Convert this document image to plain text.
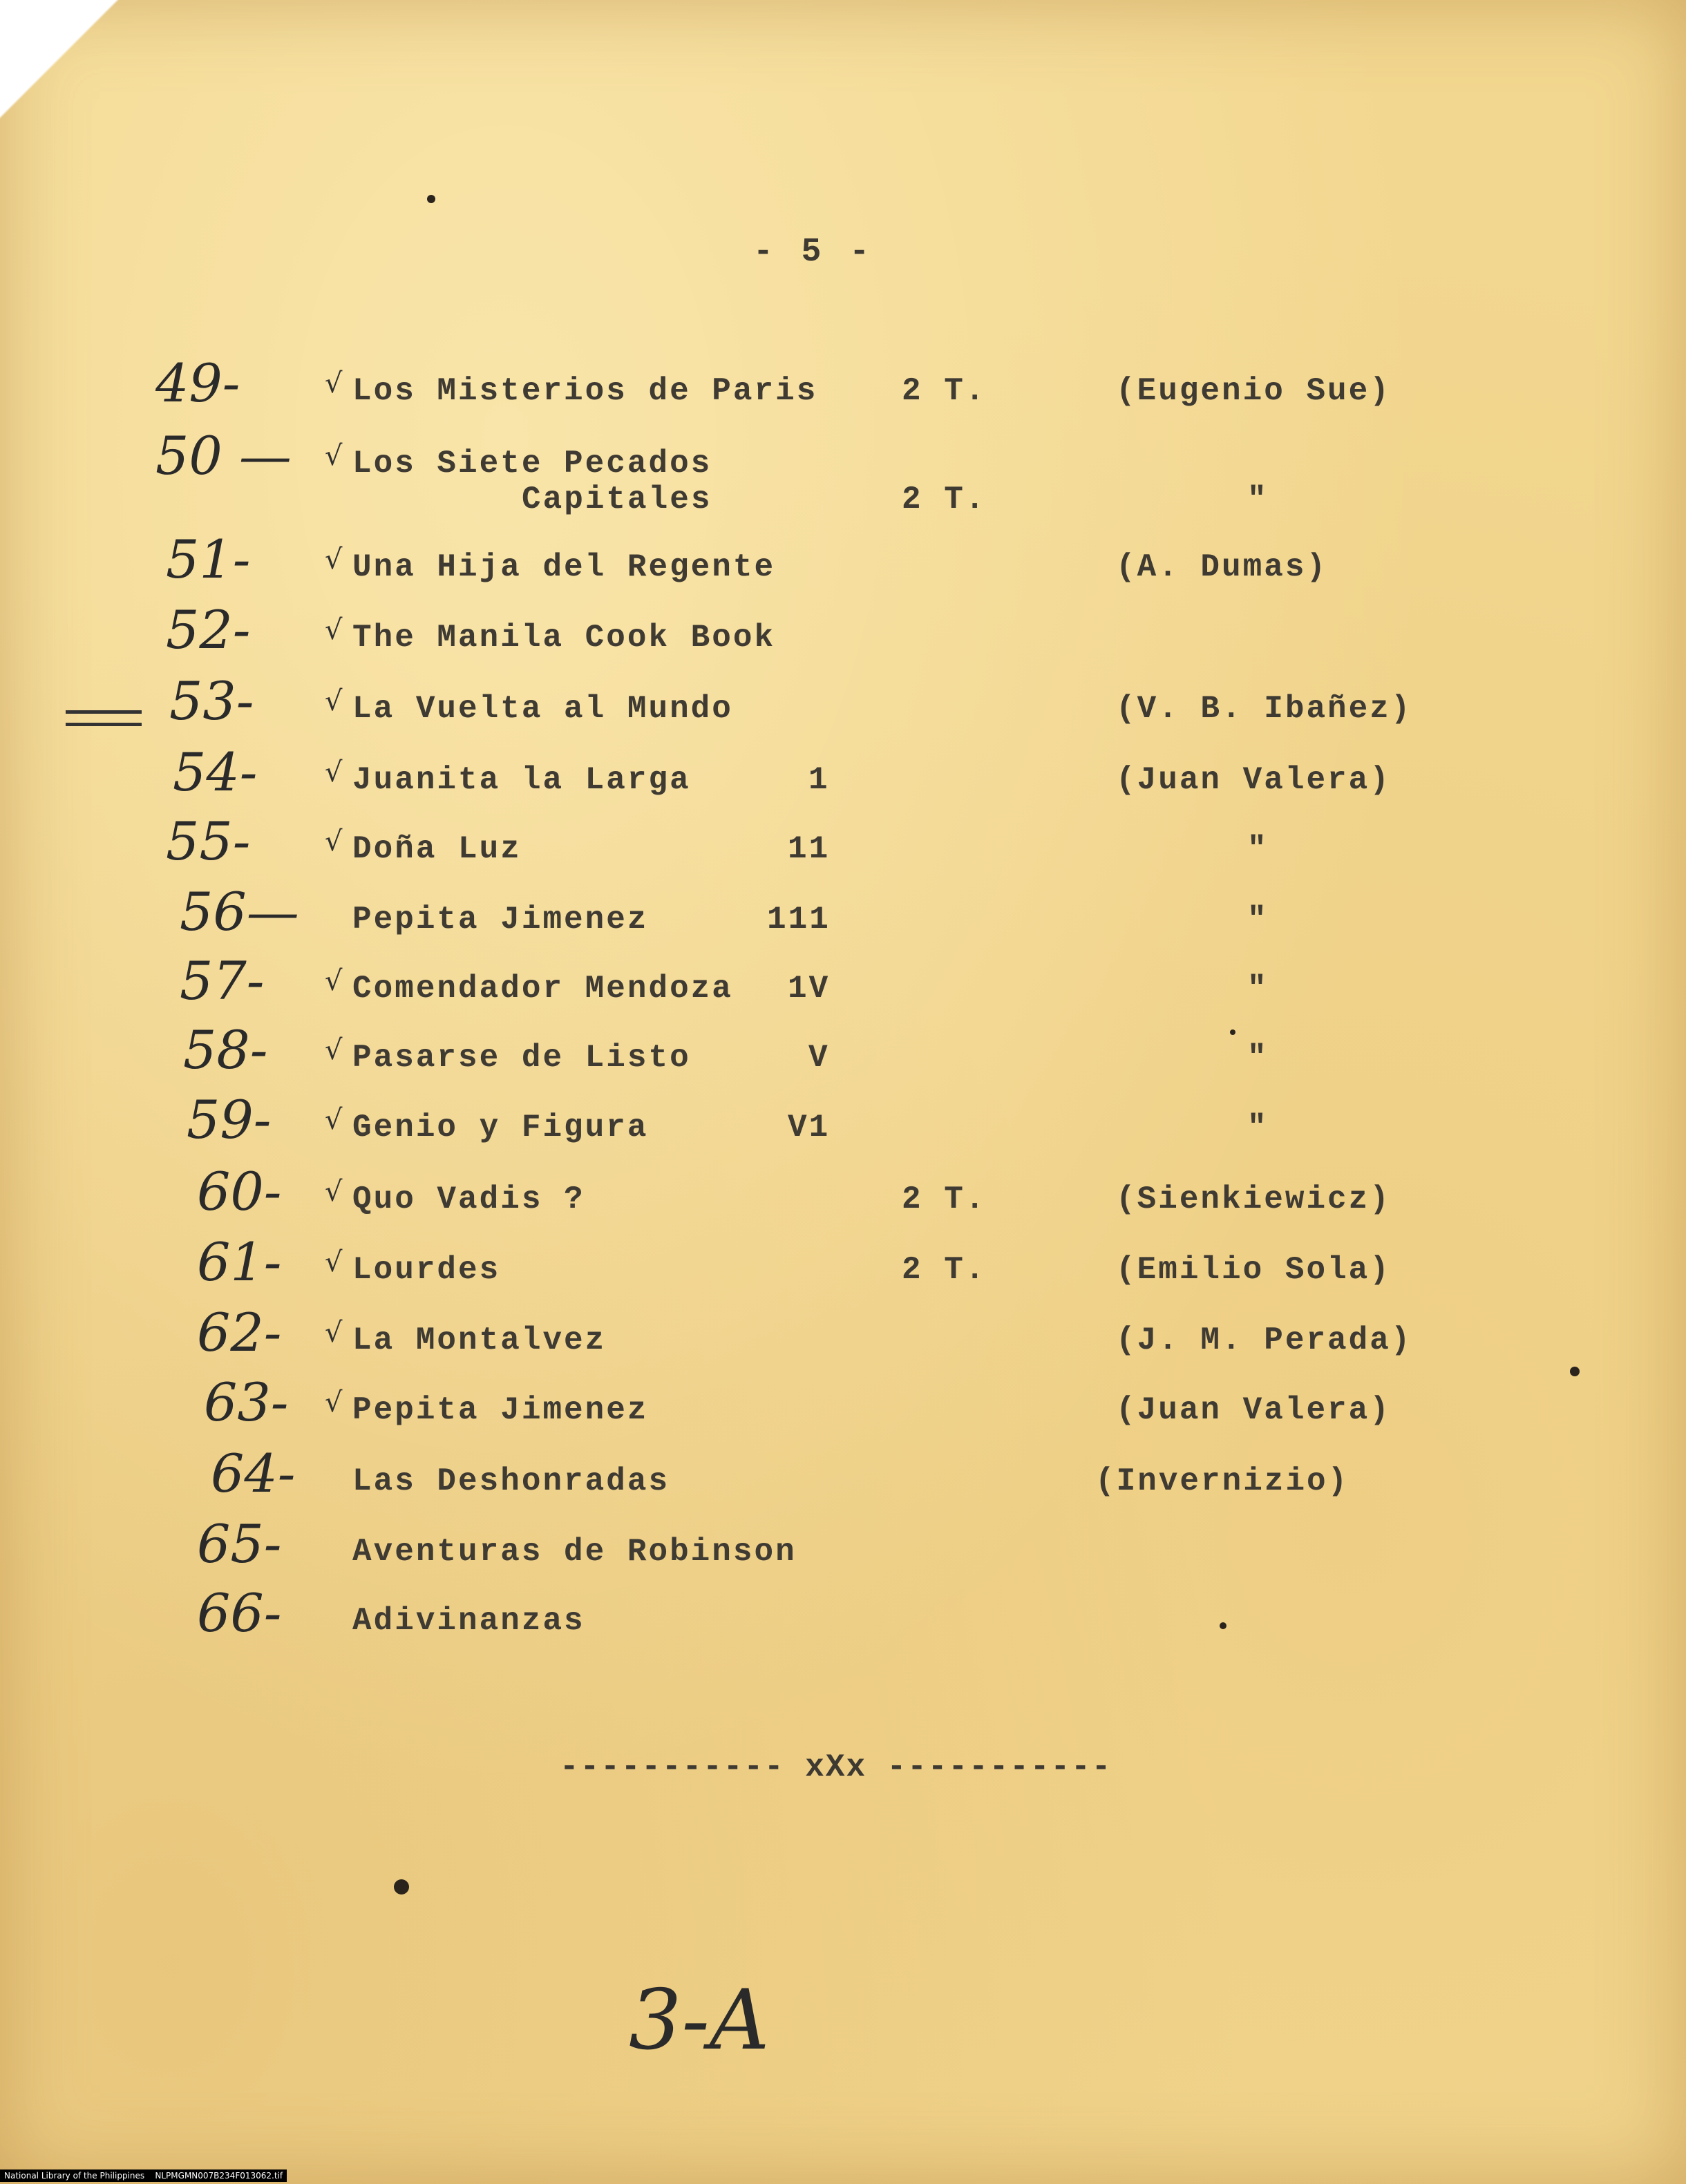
- 5 -
49-	√ Los Misterios de Paris	2 T.	(Eugenio Sue)
50 — √ Los Siete Pecados
Capitales	2 T.	"
51-	√ Una Hija del Regente	(A. Dumas)
52-	√ The Manila Cook Book
53-	√ La Vuelta al Mundo	(V. B. Ibañez)
54- √ Juanita la Larga	1	(Juan Valera)
55-	√ Doña Luz	11	"
56— Pepita Jimenez	111	"
57- √ Comendador Mendoza 1V	"
58- √ Pasarse de Listo	V	"
59- √ Genio y Figura	V1	"
60- √ Quo Vadis ?	2 T.	(Sienkiewicz)
61- √ Lourdes	2 T.	(Emilio Sola)
62- √ La Montalvez	(J. M. Perada)
63- √ Pepita Jimenez	(Juan Valera)
64- Las Deshonradas	(Invernizio)
65- Aventuras de Robinson
66- Adivinanzas
----------- xXx -----------
3-A
National Library of the Philippines    NLPMGMN007B234F013062.tif
